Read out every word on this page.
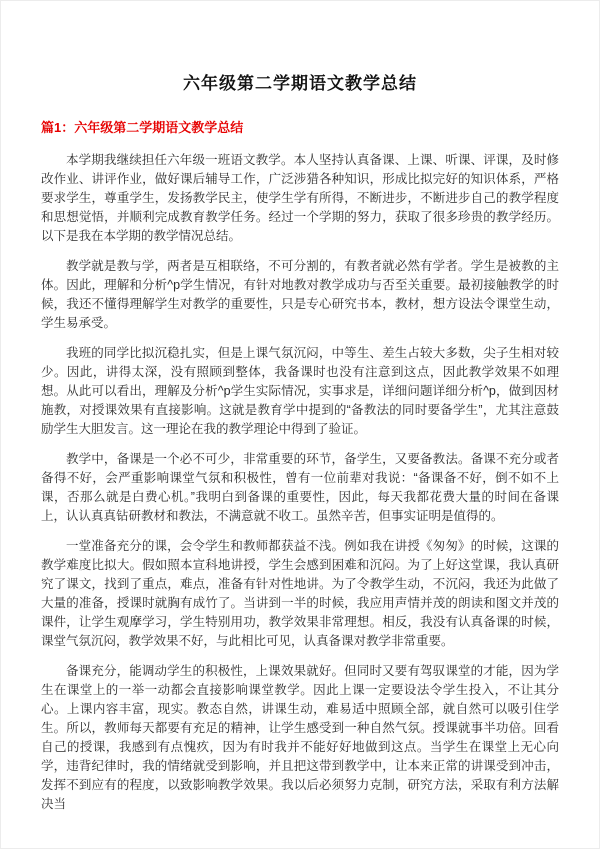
六年级第二学期语文教学总结
篇1：六年级第二学期语文教学总结

本学期我继续担任六年级一班语文教学。本人坚持认真备课、上课、听课、评课，及时修改作业、讲评作业，做好课后辅导工作，广泛涉猎各种知识，形成比拟完好的知识体系，严格要求学生，尊重学生，发扬教学民主，使学生学有所得，不断进步，不断进步自己的教学程度和思想觉悟，并顺利完成教育教学任务。经过一个学期的努力，获取了很多珍贵的教学经历。以下是我在本学期的教学情况总结。

教学就是教与学，两者是互相联络，不可分割的，有教者就必然有学者。学生是被教的主体。因此，理解和分析^p学生情况，有针对地教对教学成功与否至关重要。最初接触教学的时候，我还不懂得理解学生对教学的重要性，只是专心研究书本，教材，想方设法令课堂生动，学生易承受。

我班的同学比拟沉稳扎实，但是上课气氛沉闷，中等生、差生占较大多数，尖子生相对较少。因此，讲得太深，没有照顾到整体，我备课时也没有注意到这点，因此教学效果不如理想。从此可以看出，理解及分析^p学生实际情况，实事求是，详细问题详细分析^p，做到因材施教，对授课效果有直接影响。这就是教育学中提到的“备教法的同时要备学生”，尤其注意鼓励学生大胆发言。这一理论在我的教学理论中得到了验证。

教学中，备课是一个必不可少，非常重要的环节，备学生，又要备教法。备课不充分或者备得不好，会严重影响课堂气氛和积极性，曾有一位前辈对我说：“备课备不好，倒不如不上课，否那么就是白费心机。”我明白到备课的重要性，因此，每天我都花费大量的时间在备课上，认认真真钻研教材和教法，不满意就不收工。虽然辛苦，但事实证明是值得的。

一堂准备充分的课，会令学生和教师都获益不浅。例如我在讲授《匆匆》的时候，这课的教学难度比拟大。假如照本宣科地讲授，学生会感到困难和沉闷。为了上好这堂课，我认真研究了课文，找到了重点，难点，准备有针对性地讲。为了令教学生动，不沉闷，我还为此做了大量的准备，授课时就胸有成竹了。当讲到一半的时候，我应用声情并茂的朗读和图文并茂的课件，让学生观摩学习，学生特别用功，教学效果非常理想。相反，我没有认真备课的时候，课堂气氛沉闷，教学效果不好，与此相比可见，认真备课对教学非常重要。

备课充分，能调动学生的积极性，上课效果就好。但同时又要有驾驭课堂的才能，因为学生在课堂上的一举一动都会直接影响课堂教学。因此上课一定要设法令学生投入，不让其分心。上课内容丰富，现实。教态自然，讲课生动，难易适中照顾全部，就自然可以吸引住学生。所以，教师每天都要有充足的精神，让学生感受到一种自然气氛。授课就事半功倍。回看自己的授课，我感到有点愧疚，因为有时我并不能好好地做到这点。当学生在课堂上无心向学，违背纪律时，我的情绪就受到影响，并且把这带到教学中，让本来正常的讲课受到冲击，发挥不到应有的程度，以致影响教学效果。我以后必须努力克制，研究方法，采取有利方法解决当
